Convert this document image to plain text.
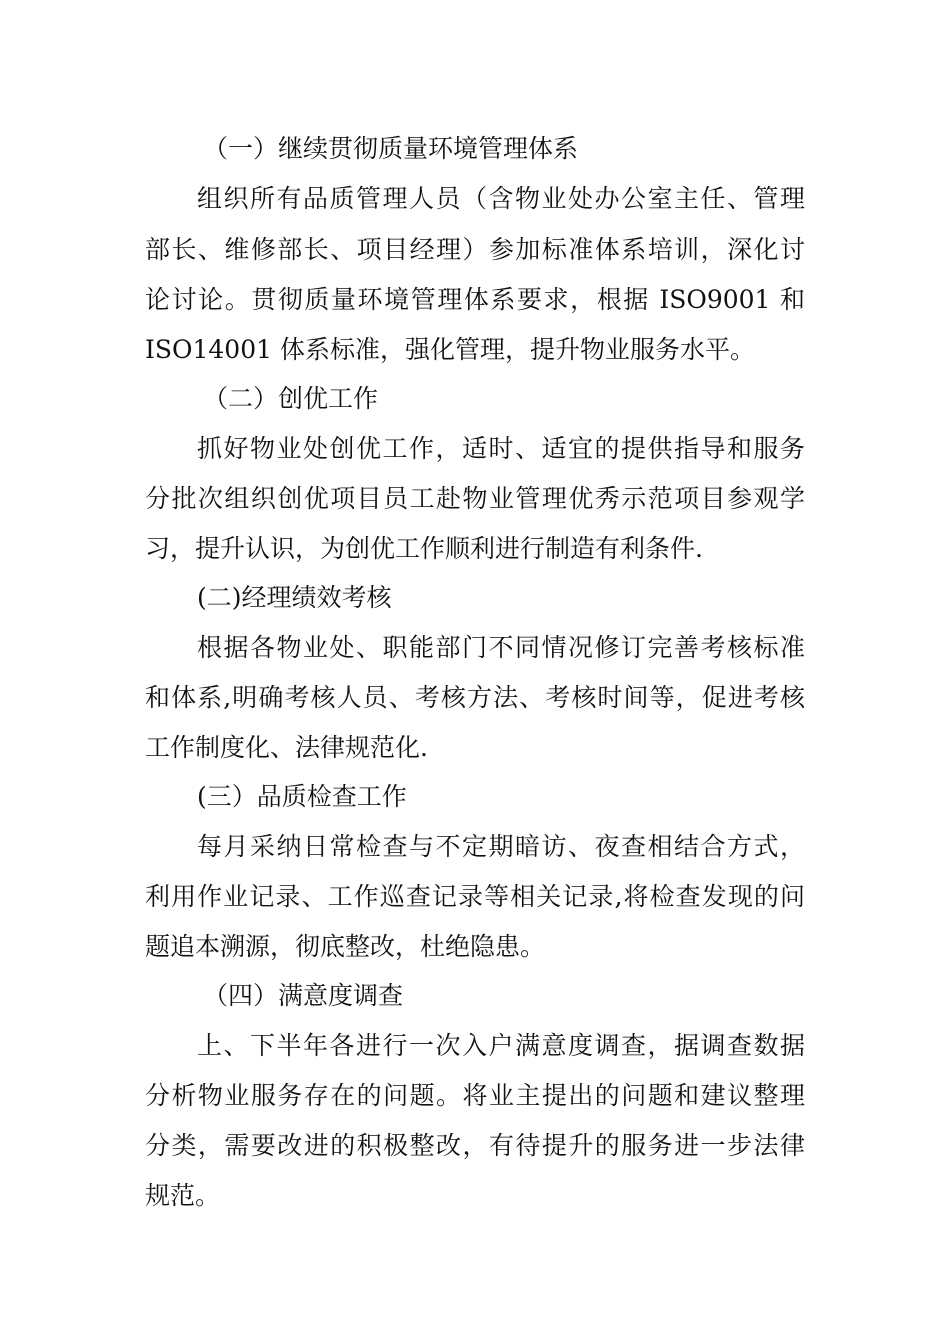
（一）继续贯彻质量环境管理体系
组织所有品质管理人员（含物业处办公室主任、管理
部长、维修部长、项目经理）参加标准体系培训，深化讨
论讨论。贯彻质量环境管理体系要求，根据 ISO9001 和
ISO14001 体系标准，强化管理，提升物业服务水平。
（二）创优工作
抓好物业处创优工作，适时、适宜的提供指导和服务
分批次组织创优项目员工赴物业管理优秀示范项目参观学
习，提升认识，为创优工作顺利进行制造有利条件.
(二)经理绩效考核
根据各物业处、职能部门不同情况修订完善考核标准
和体系,明确考核人员、考核方法、考核时间等，促进考核
工作制度化、法律规范化.
(三）品质检查工作
每月采纳日常检查与不定期暗访、夜查相结合方式，
利用作业记录、工作巡查记录等相关记录,将检查发现的问
题追本溯源，彻底整改，杜绝隐患。
（四）满意度调查
上、下半年各进行一次入户满意度调查，据调查数据
分析物业服务存在的问题。将业主提出的问题和建议整理
分类，需要改进的积极整改，有待提升的服务进一步法律
规范。
